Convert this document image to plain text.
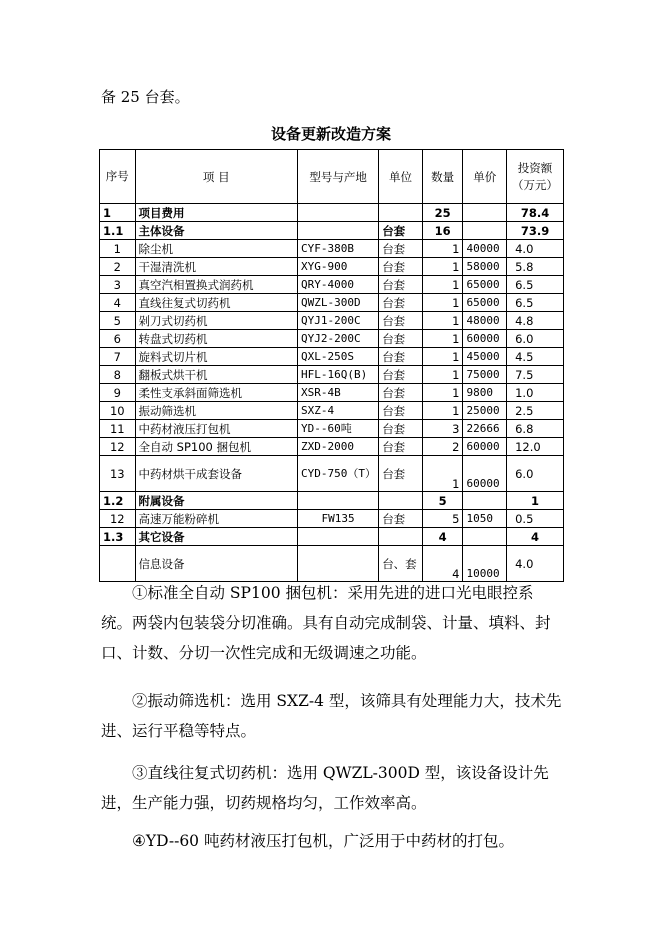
备 25 台套。
设备更新改造方案
序号	项 目	型号与产地	单位	数量	单价	投资额（万元）
1	项目费用			25		78.4
1.1	主体设备		台套	16		73.9
1	除尘机	CYF-380B	台套	1	40000	4.0
2	干湿清洗机	XYG-900	台套	1	58000	5.8
3	真空汽相置换式润药机	QRY-4000	台套	1	65000	6.5
4	直线往复式切药机	QWZL-300D	台套	1	65000	6.5
5	剁刀式切药机	QYJ1-200C	台套	1	48000	4.8
6	转盘式切药机	QYJ2-200C	台套	1	60000	6.0
7	旋料式切片机	QXL-250S	台套	1	45000	4.5
8	翻板式烘干机	HFL-16Q(B)	台套	1	75000	7.5
9	柔性支承斜面筛选机	XSR-4B	台套	1	9800	1.0
10	振动筛选机	SXZ-4	台套	1	25000	2.5
11	中药材液压打包机	YD--60吨	台套	3	22666	6.8
12	全自动 SP100 捆包机	ZXD-2000	台套	2	60000	12.0
13	中药材烘干成套设备	CYD-750（T）	台套	1	60000	6.0
1.2	附属设备			5		1
12	高速万能粉碎机	FW135	台套	5	1050	0.5
1.3	其它设备			4		4
	信息设备		台、套	4	10000	4.0

①标准全自动 SP100 捆包机：采用先进的进口光电眼控系统。两袋内包装袋分切准确。具有自动完成制袋、计量、填料、封口、计数、分切一次性完成和无级调速之功能。

②振动筛选机：选用 SXZ-4 型，该筛具有处理能力大，技术先进、运行平稳等特点。

③直线往复式切药机：选用 QWZL-300D 型，该设备设计先进，生产能力强，切药规格均匀，工作效率高。

④YD--60 吨药材液压打包机，广泛用于中药材的打包。
